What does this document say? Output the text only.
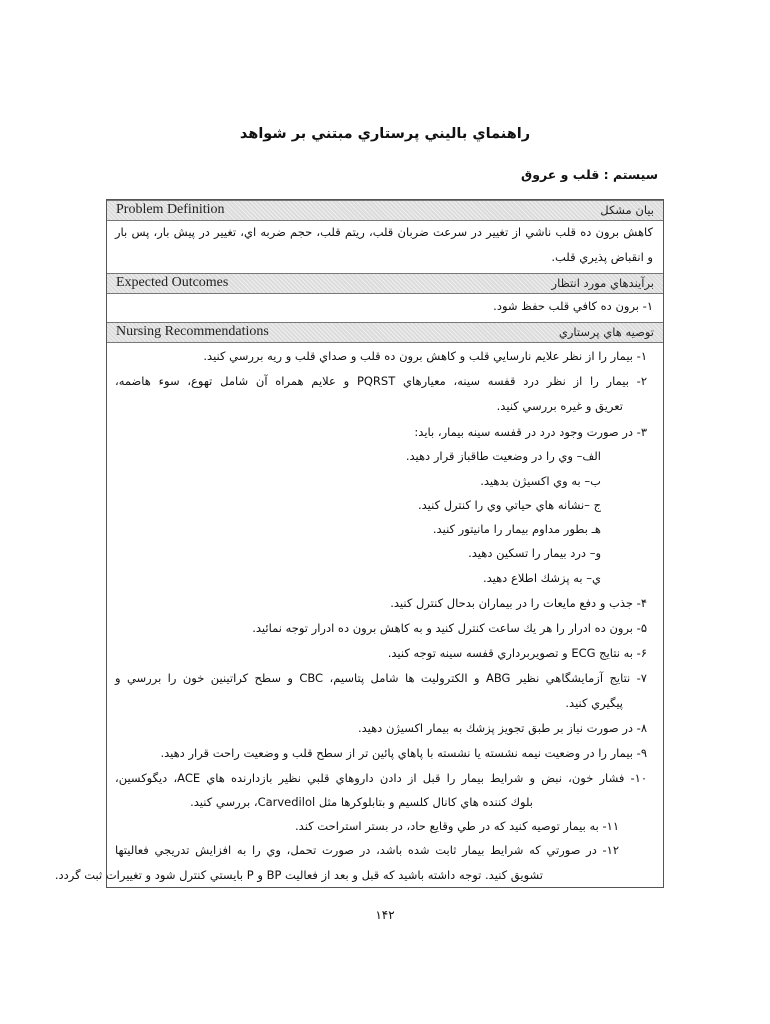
راهنماي باليني پرستاري مبتني بر شواهد
سيستم : قلب و عروق
Problem Definition	بيان مشكل
كاهش برون ده قلب ناشي از تغيير در سرعت ضربان قلب، ريتم قلب، حجم ضربه اي، تغيير در پيش بار، پس بار
و انقباض پذيري قلب.
Expected Outcomes	برآيندهاي مورد انتظار
۱- برون ده كافي قلب حفظ شود.
Nursing Recommendations	توصيه هاي پرستاري
۱- بيمار را از نظر علايم نارسايي قلب و كاهش برون ده قلب و صداي قلب و ريه بررسي كنيد.
۲- بيمار را از نظر درد قفسه سينه، معيارهاي PQRST و علايم همراه آن شامل تهوع، سوء هاضمه،
تعريق و غيره بررسي كنيد.
۳- در صورت وجود درد در قفسه سينه بيمار، بايد:
الف– وي را در وضعيت طاقباز قرار دهيد.
ب– به وي اكسيژن بدهيد.
ج –نشانه هاي حياتي وي را كنترل كنيد.
هـ بطور مداوم بيمار را مانيتور كنيد.
و– درد بيمار را تسكين دهيد.
ي– به پزشك اطلاع دهيد.
۴- جذب و دفع مايعات را در بيماران بدحال كنترل كنيد.
۵- برون ده ادرار را هر يك ساعت كنترل كنيد و به كاهش برون ده ادرار توجه نمائيد.
۶- به نتايج ECG و تصويربرداري قفسه سينه توجه كنيد.
۷- نتايج آزمايشگاهي نظير ABG و الكتروليت ها شامل پتاسيم، CBC و سطح كراتينين خون را بررسي و
پيگيري كنيد.
۸- در صورت نياز بر طبق تجويز پزشك به بيمار اكسيژن دهيد.
۹- بيمار را در وضعيت نيمه نشسته يا نشسته با پاهاي پائين تر از سطح قلب و وضعيت راحت قرار دهيد.
۱۰- فشار خون، نبض و شرايط بيمار را قبل از دادن داروهاي قلبي نظير بازدارنده هاي ACE، ديگوكسين،
بلوك كننده هاي كانال كلسيم و بتابلوكرها مثل Carvedilol، بررسي كنيد.
۱۱- به بيمار توصيه كنيد كه در طي وقايع حاد، در بستر استراحت كند.
۱۲- در صورتي كه شرايط بيمار ثابت شده باشد، در صورت تحمل، وي را به افزايش تدريجي فعاليتها
تشويق كنيد. توجه داشته باشيد كه قبل و بعد از فعاليت BP و P بايستي كنترل شود و تغييرات ثبت گردد.
۱۴۲
